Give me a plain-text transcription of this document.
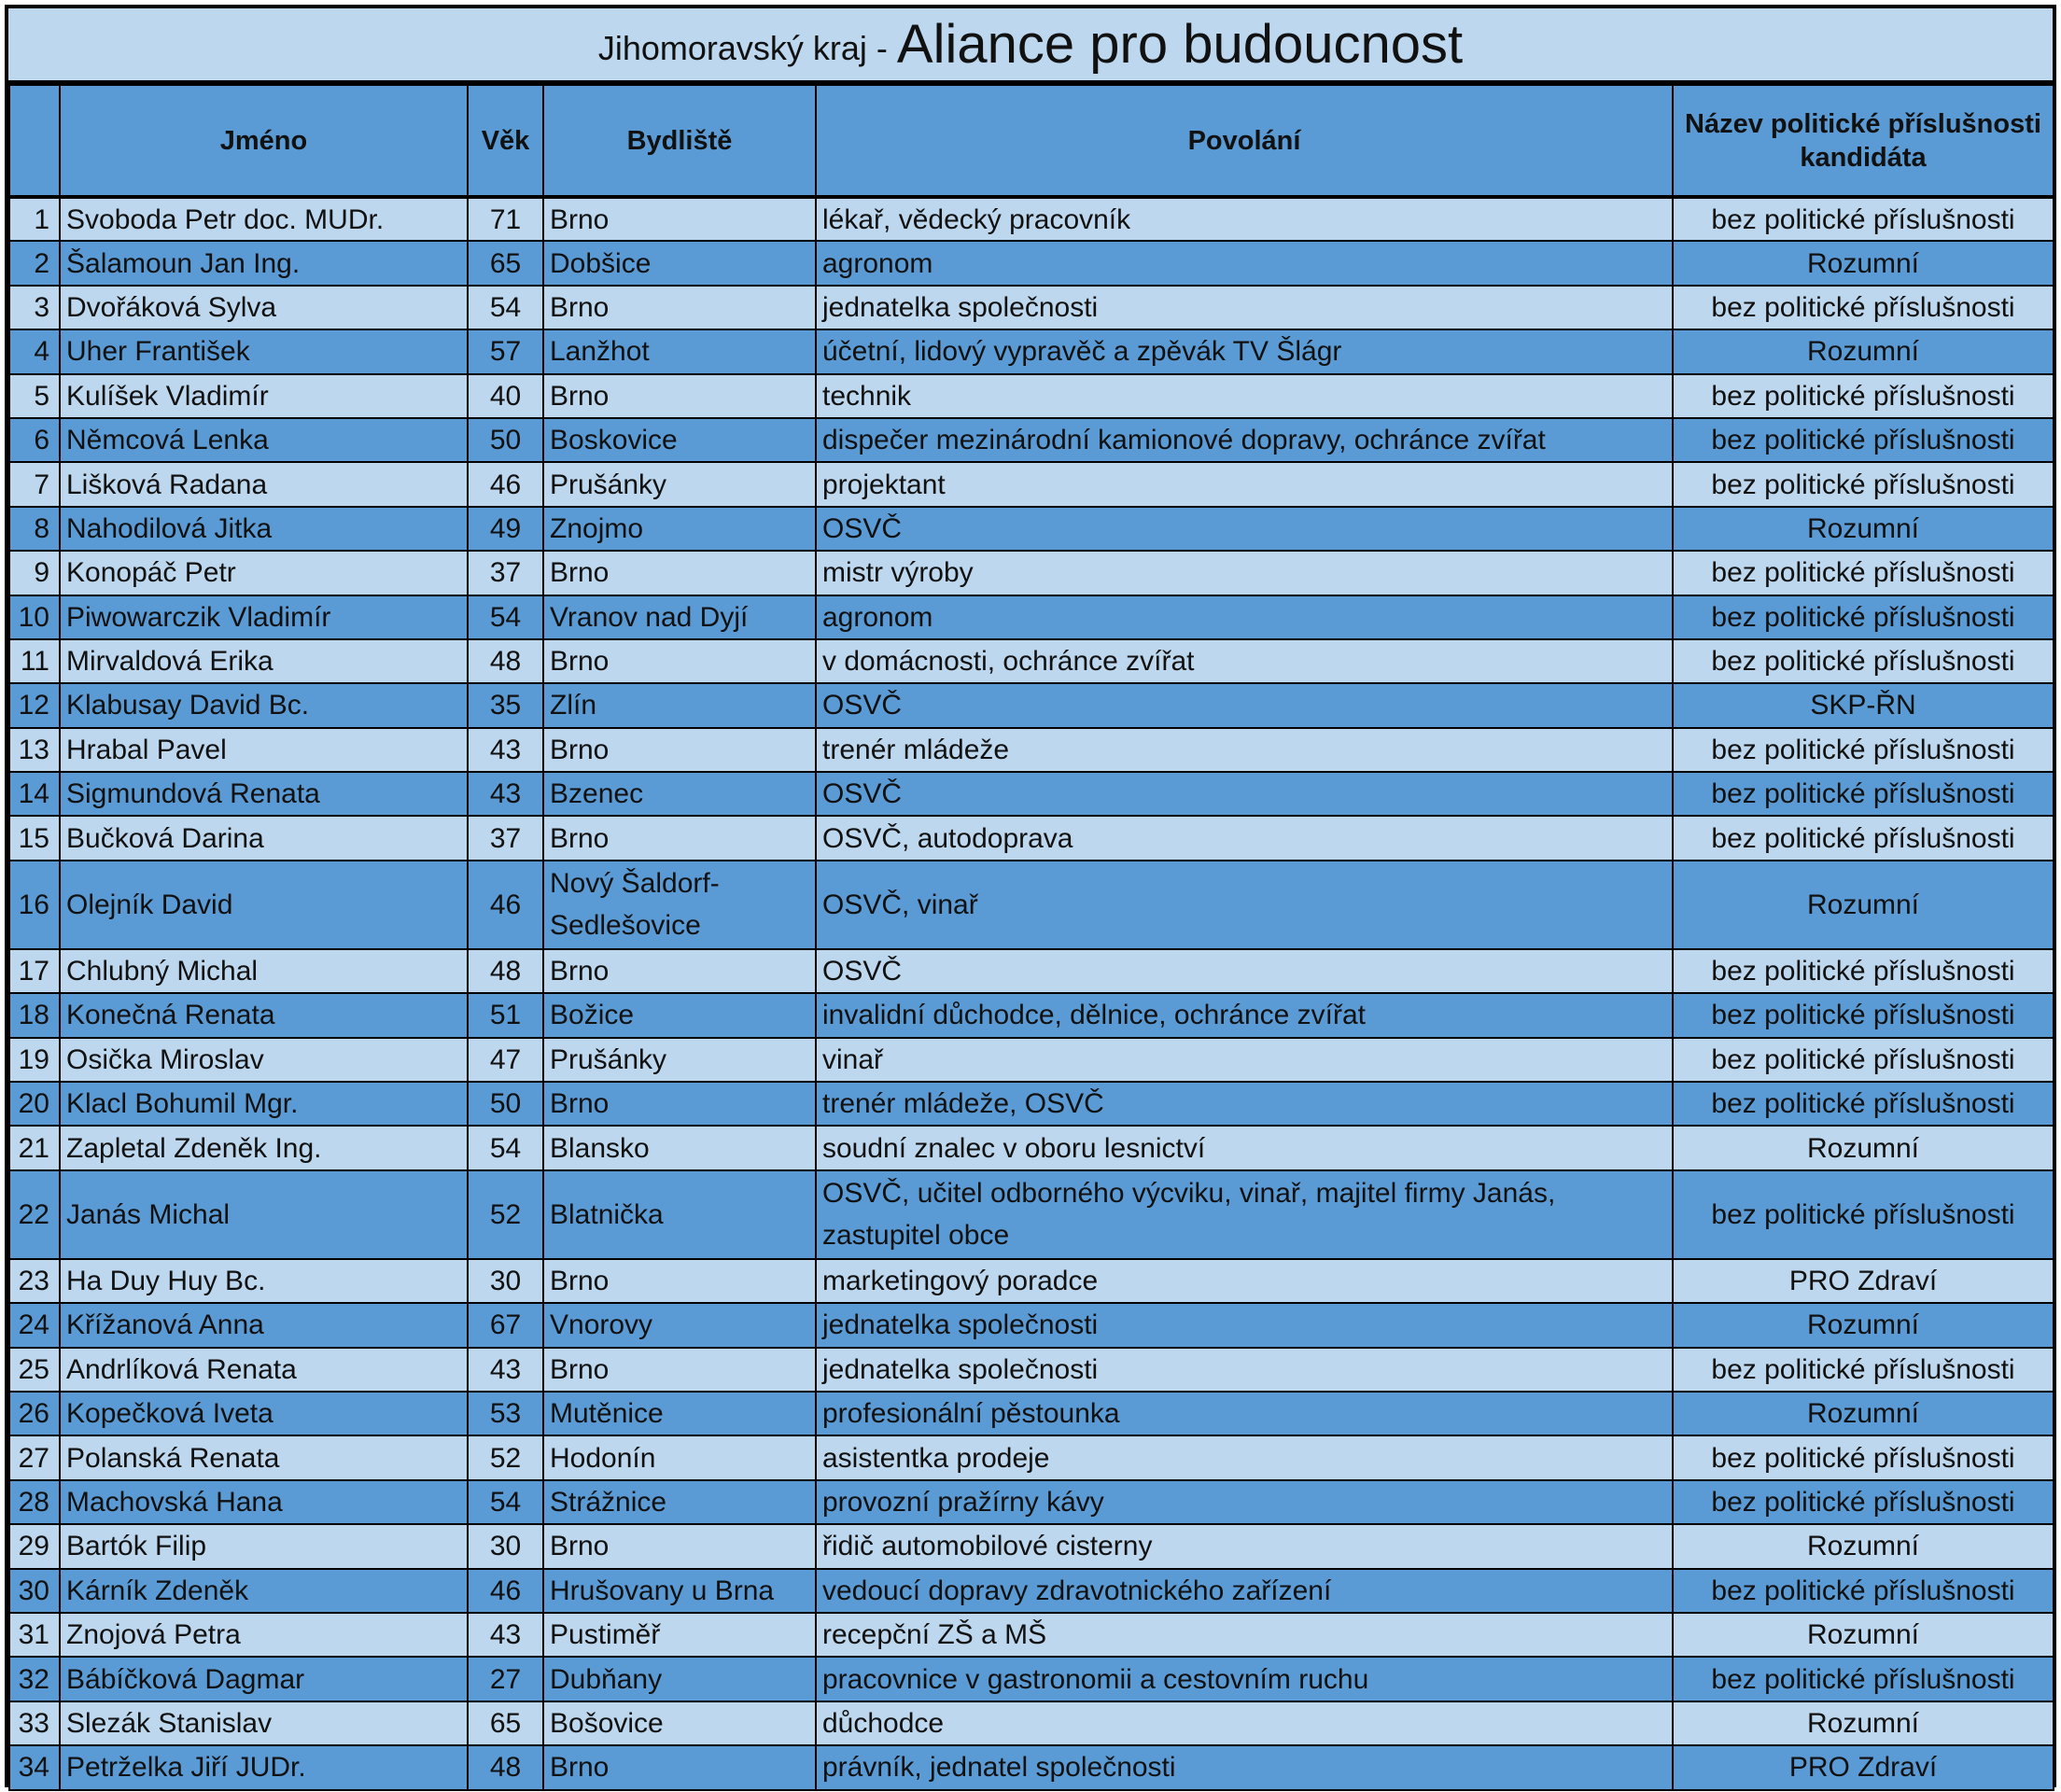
Jihomoravský kraj - Aliance pro budoucnost
	Jméno	Věk	Bydliště	Povolání	Název politické příslušnosti kandidáta
1	Svoboda Petr doc. MUDr.	71	Brno	lékař, vědecký pracovník	bez politické příslušnosti
2	Šalamoun Jan Ing.	65	Dobšice	agronom	Rozumní
3	Dvořáková Sylva	54	Brno	jednatelka společnosti	bez politické příslušnosti
4	Uher František	57	Lanžhot	účetní, lidový vypravěč a zpěvák TV Šlágr	Rozumní
5	Kulíšek Vladimír	40	Brno	technik	bez politické příslušnosti
6	Němcová Lenka	50	Boskovice	dispečer mezinárodní kamionové dopravy, ochránce zvířat	bez politické příslušnosti
7	Lišková Radana	46	Prušánky	projektant	bez politické příslušnosti
8	Nahodilová Jitka	49	Znojmo	OSVČ	Rozumní
9	Konopáč Petr	37	Brno	mistr výroby	bez politické příslušnosti
10	Piwowarczik Vladimír	54	Vranov nad Dyjí	agronom	bez politické příslušnosti
11	Mirvaldová Erika	48	Brno	v domácnosti, ochránce zvířat	bez politické příslušnosti
12	Klabusay David Bc.	35	Zlín	OSVČ	SKP-ŘN
13	Hrabal Pavel	43	Brno	trenér mládeže	bez politické příslušnosti
14	Sigmundová Renata	43	Bzenec	OSVČ	bez politické příslušnosti
15	Bučková Darina	37	Brno	OSVČ, autodoprava	bez politické příslušnosti
16	Olejník David	46	Nový Šaldorf-Sedlešovice	OSVČ, vinař	Rozumní
17	Chlubný Michal	48	Brno	OSVČ	bez politické příslušnosti
18	Konečná Renata	51	Božice	invalidní důchodce, dělnice, ochránce zvířat	bez politické příslušnosti
19	Osička Miroslav	47	Prušánky	vinař	bez politické příslušnosti
20	Klacl Bohumil Mgr.	50	Brno	trenér mládeže, OSVČ	bez politické příslušnosti
21	Zapletal Zdeněk Ing.	54	Blansko	soudní znalec v oboru lesnictví	Rozumní
22	Janás Michal	52	Blatnička	OSVČ, učitel odborného výcviku, vinař, majitel firmy Janás, zastupitel obce	bez politické příslušnosti
23	Ha Duy Huy Bc.	30	Brno	marketingový poradce	PRO Zdraví
24	Křížanová Anna	67	Vnorovy	jednatelka společnosti	Rozumní
25	Andrlíková Renata	43	Brno	jednatelka společnosti	bez politické příslušnosti
26	Kopečková Iveta	53	Mutěnice	profesionální pěstounka	Rozumní
27	Polanská Renata	52	Hodonín	asistentka prodeje	bez politické příslušnosti
28	Machovská Hana	54	Strážnice	provozní pražírny kávy	bez politické příslušnosti
29	Bartók Filip	30	Brno	řidič automobilové cisterny	Rozumní
30	Kárník Zdeněk	46	Hrušovany u Brna	vedoucí dopravy zdravotnického zařízení	bez politické příslušnosti
31	Znojová Petra	43	Pustiměř	recepční ZŠ a MŠ	Rozumní
32	Bábíčková Dagmar	27	Dubňany	pracovnice v gastronomii a cestovním ruchu	bez politické příslušnosti
33	Slezák Stanislav	65	Bošovice	důchodce	Rozumní
34	Petrželka Jiří JUDr.	48	Brno	právník, jednatel společnosti	PRO Zdraví
